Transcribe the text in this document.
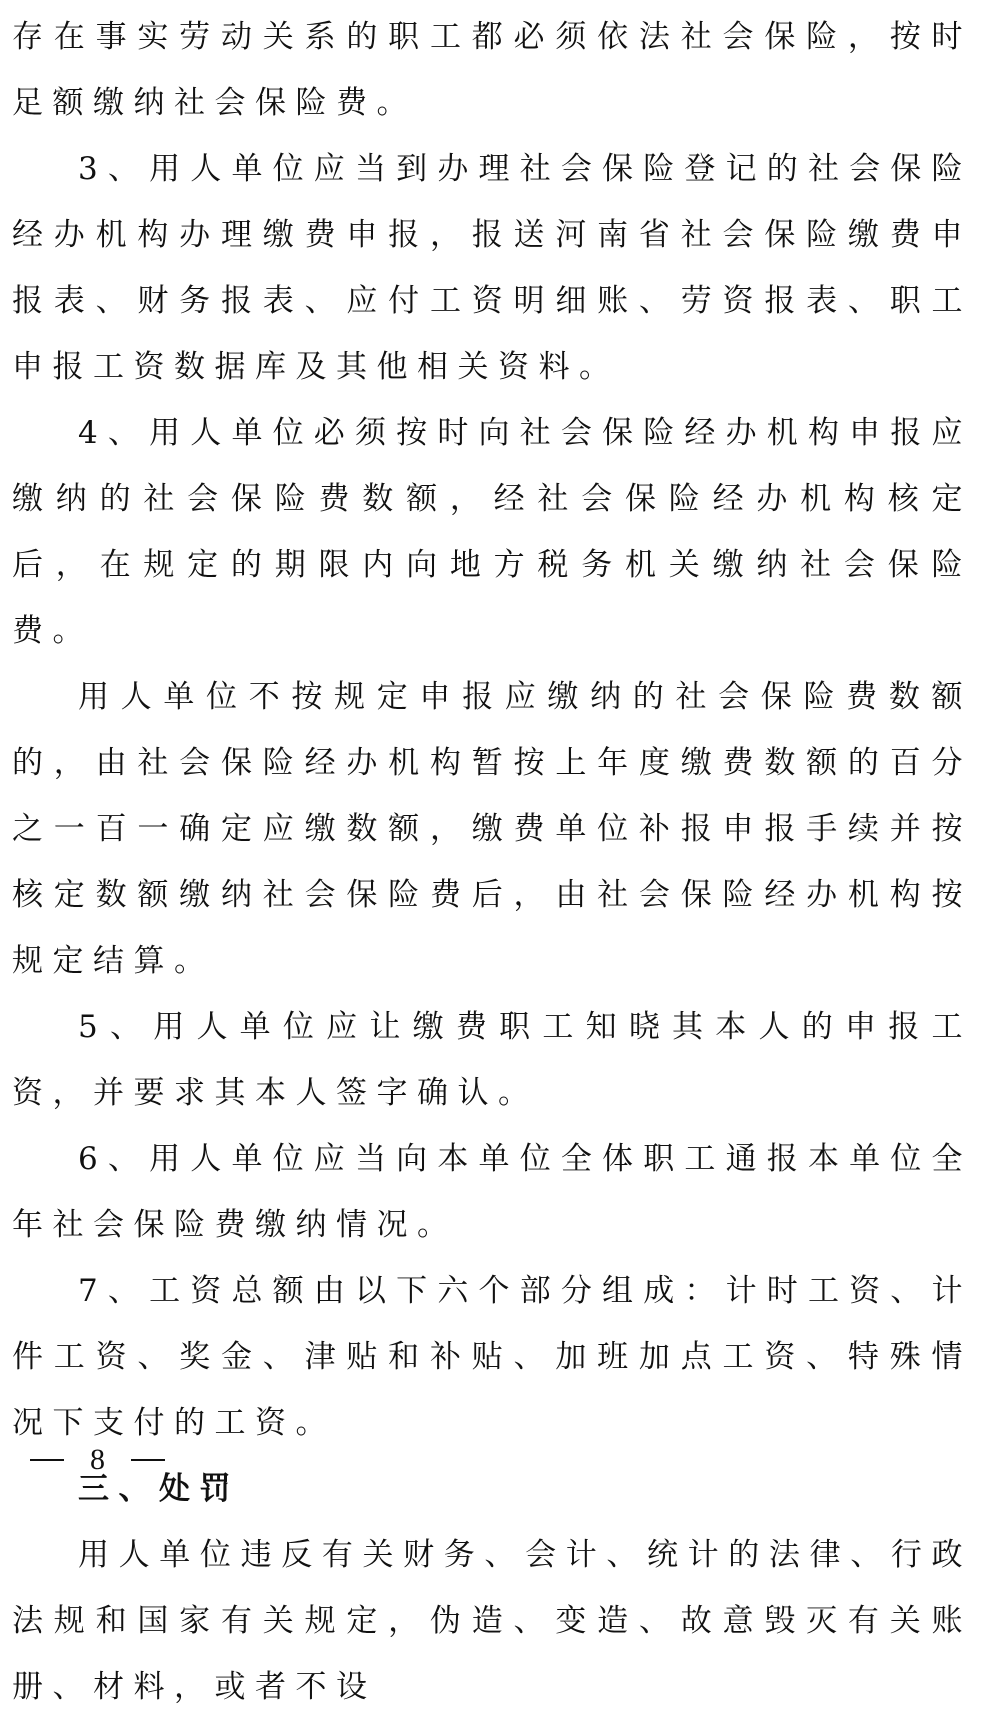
存在事实劳动关系的职工都必须依法社会保险，按时足额缴纳社会保险费。

3、用人单位应当到办理社会保险登记的社会保险经办机构办理缴费申报，报送河南省社会保险缴费申报表、财务报表、应付工资明细账、劳资报表、职工申报工资数据库及其他相关资料。

4、用人单位必须按时向社会保险经办机构申报应缴纳的社会保险费数额，经社会保险经办机构核定后，在规定的期限内向地方税务机关缴纳社会保险费。

用人单位不按规定申报应缴纳的社会保险费数额的，由社会保险经办机构暂按上年度缴费数额的百分之一百一确定应缴数额，缴费单位补报申报手续并按核定数额缴纳社会保险费后，由社会保险经办机构按规定结算。

5、用人单位应让缴费职工知晓其本人的申报工资，并要求其本人签字确认。

6、用人单位应当向本单位全体职工通报本单位全年社会保险费缴纳情况。

7、工资总额由以下六个部分组成：计时工资、计件工资、奖金、津贴和补贴、加班加点工资、特殊情况下支付的工资。

三、处罚

用人单位违反有关财务、会计、统计的法律、行政法规和国家有关规定，伪造、变造、故意毁灭有关账册、材料，或者不设

8
